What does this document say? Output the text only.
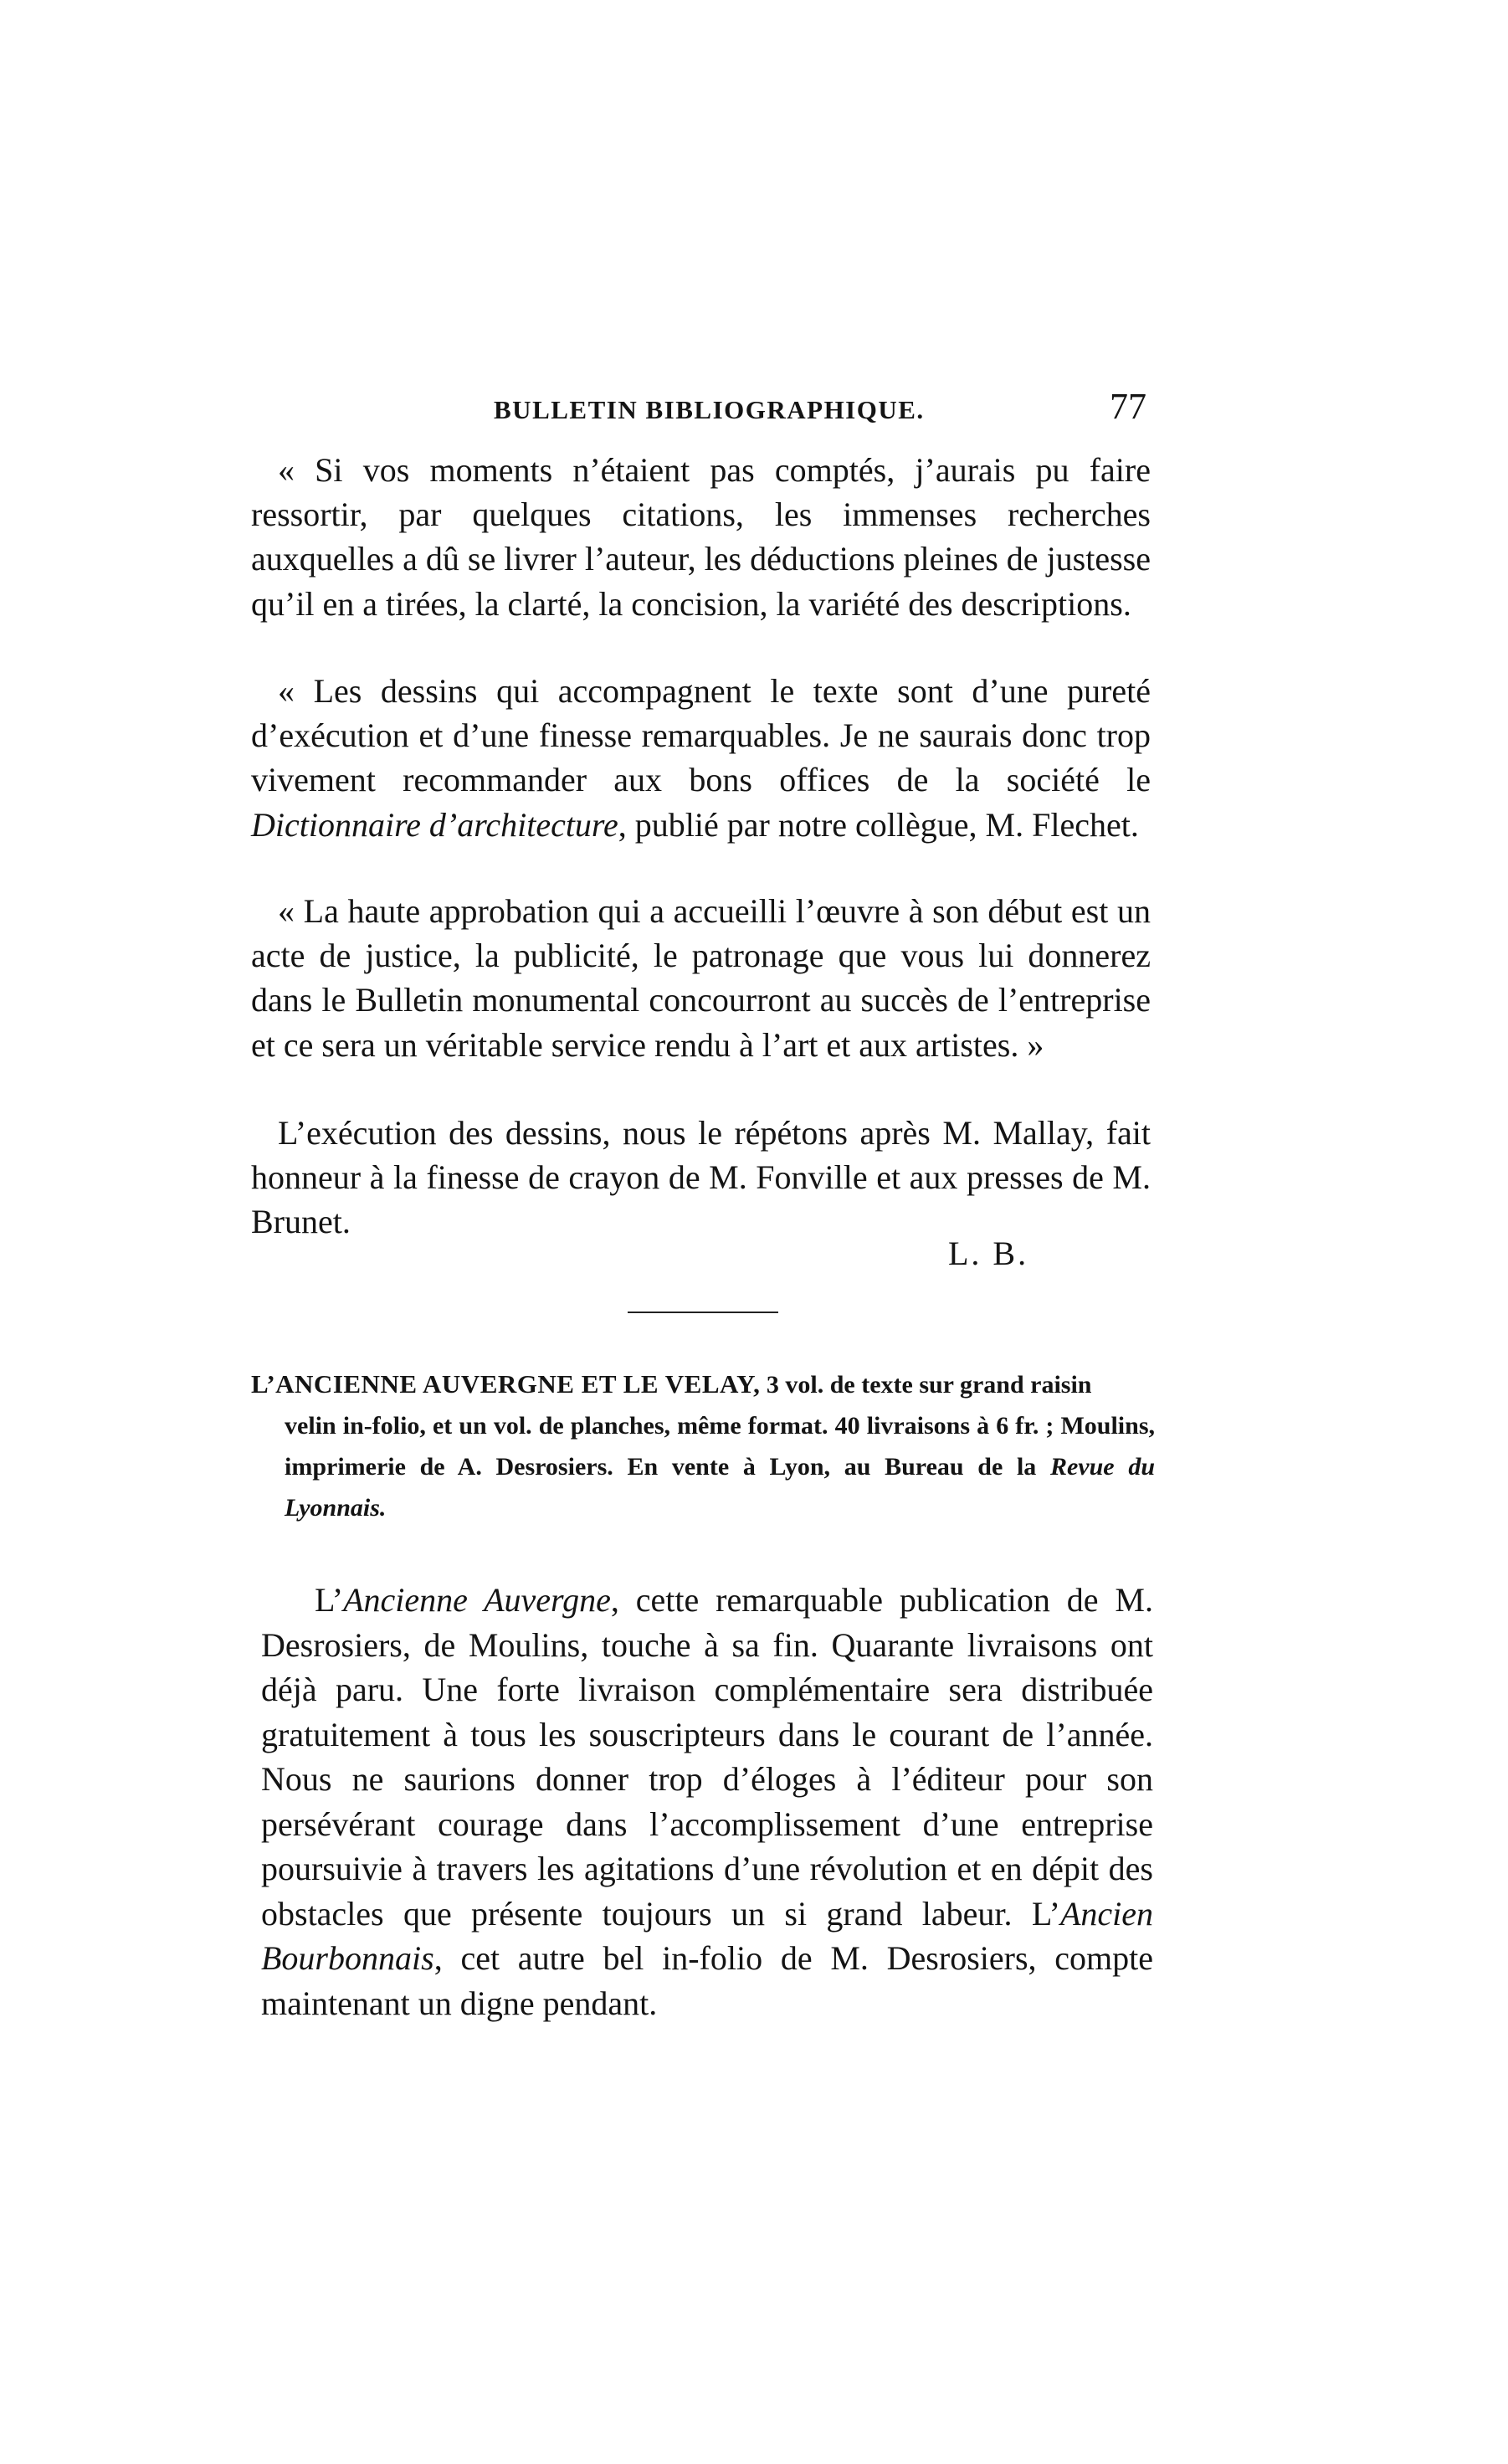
BULLETIN BIBLIOGRAPHIQUE.	77

« Si vos moments n’étaient pas comptés, j’aurais pu faire ressortir, par quelques citations, les immenses recherches auxquelles a dû se livrer l’auteur, les déductions pleines de justesse qu’il en a tirées, la clarté, la concision, la variété des descriptions.

« Les dessins qui accompagnent le texte sont d’une pureté d’exécution et d’une finesse remarquables. Je ne saurais donc trop vivement recommander aux bons offices de la société le Dictionnaire d’architecture, publié par notre collègue, M. Flechet.

« La haute approbation qui a accueilli l’œuvre à son début est un acte de justice, la publicité, le patronage que vous lui donnerez dans le Bulletin monumental concourront au succès de l’entreprise et ce sera un véritable service rendu à l’art et aux artistes. »

L’exécution des dessins, nous le répétons après M. Mallay, fait honneur à la finesse de crayon de M. Fonville et aux presses de M. Brunet.

L. B.

L’ANCIENNE AUVERGNE ET LE VELAY, 3 vol. de texte sur grand raisin
velin in-folio, et un vol. de planches, même format. 40 livraisons à 6 fr. ; Moulins, imprimerie de A. Desrosiers. En vente à Lyon, au Bureau de la Revue du Lyonnais.

L’Ancienne Auvergne, cette remarquable publication de M. Desrosiers, de Moulins, touche à sa fin. Quarante livraisons ont déjà paru. Une forte livraison complémentaire sera distribuée gratuitement à tous les souscripteurs dans le courant de l’année. Nous ne saurions donner trop d’éloges à l’éditeur pour son persévérant courage dans l’accomplissement d’une entreprise poursuivie à travers les agitations d’une révolution et en dépit des obstacles que présente toujours un si grand labeur. L’Ancien Bourbonnais, cet autre bel in-folio de M. Desrosiers, compte maintenant un digne pendant.
